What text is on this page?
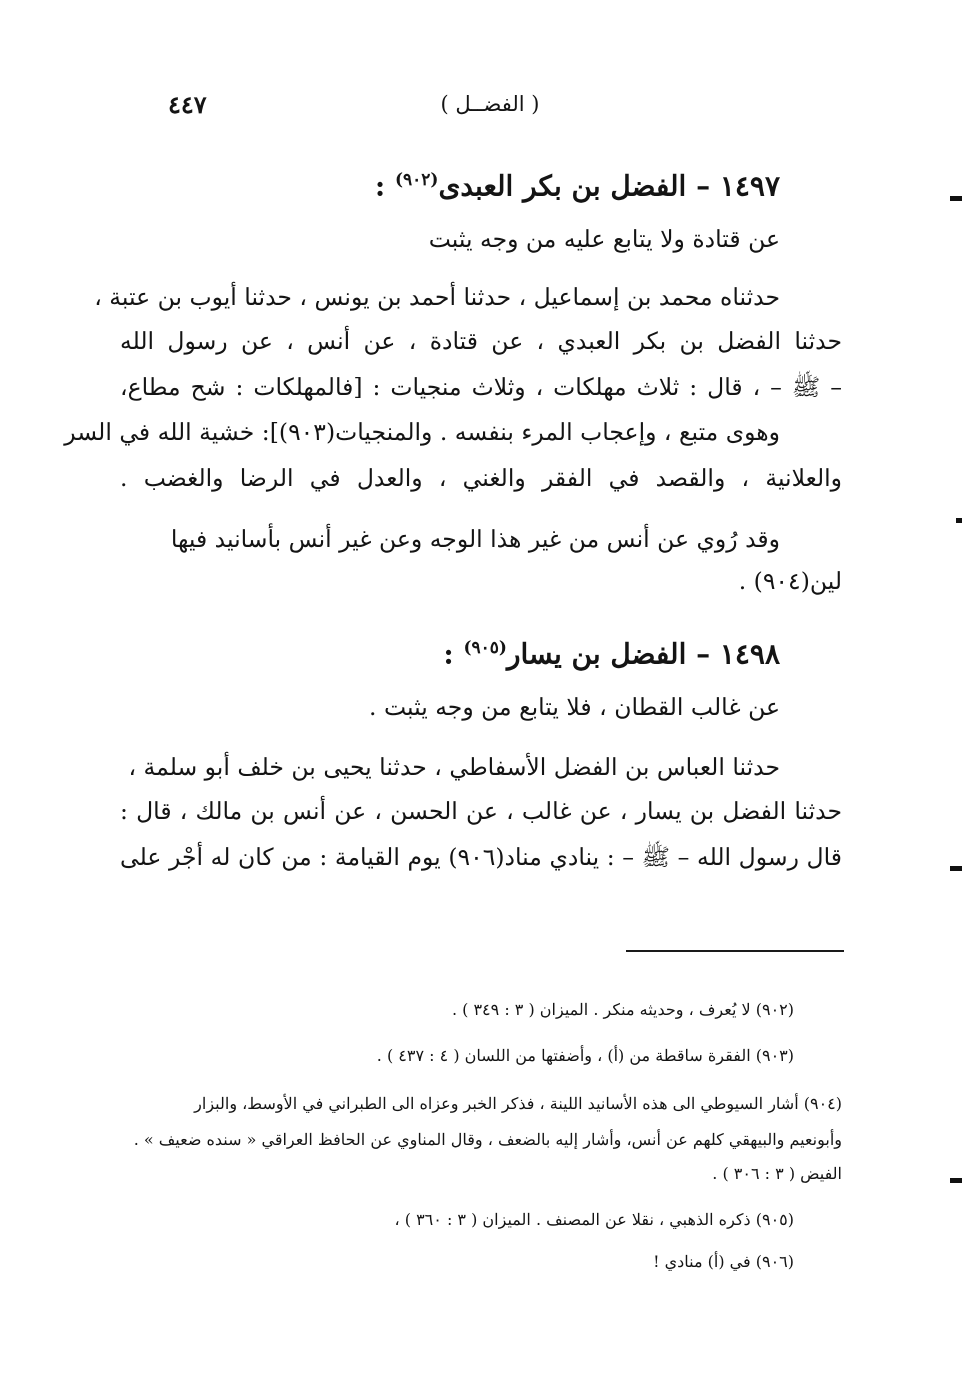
( الفضــل )
٤٤٧
١٤٩٧ – الفضل بن بكر العبدى$^{(٩٠٢)}$ :
عن قتادة ولا يتابع عليه من وجه يثبت
حدثناه محمد بن إسماعيل ، حدثنا أحمد بن يونس ، حدثنا أيوب بن عتبة ،
حدثنا الفضل بن بكر العبدي ، عن قتادة ، عن أنس ، عن رسول الله
– ﷺ – ، قال : ثلاث مهلكات ، وثلاث منجيات : [فالمهلكات : شح مطاع،
وهوى متبع ، وإعجاب المرء بنفسه . والمنجيات(٩٠٣)]: خشية الله في السر
والعلانية ، والقصد في الفقر والغني ، والعدل في الرضا والغضب .
وقد رُوي عن أنس من غير هذا الوجه وعن غير أنس بأسانيد فيها
لين(٩٠٤) .
١٤٩٨ – الفضل بن يسار$^{(٩٠٥)}$ :
عن غالب القطان ، فلا يتابع من وجه يثبت .
حدثنا العباس بن الفضل الأسفاطي ، حدثنا يحيى بن خلف أبو سلمة ،
حدثنا الفضل بن يسار ، عن غالب ، عن الحسن ، عن أنس بن مالك ، قال :
قال رسول الله – ﷺ – : ينادي مناد(٩٠٦) يوم القيامة : من كان له أجْر على
(٩٠٢) لا يُعرف ، وحديثه منكر . الميزان ( ٣ : ٣٤٩ ) .
(٩٠٣) الفقرة ساقطة من (أ) ، وأضفتها من اللسان ( ٤ : ٤٣٧ ) .
(٩٠٤) أشار السيوطي الى هذه الأسانيد اللينة ، فذكر الخبر وعزاه الى الطبراني في الأوسط، والبزار
وأبونعيم والبيهقي كلهم عن أنس، وأشار إليه بالضعف ، وقال المناوي عن الحافظ العراقي « سنده ضعيف » .
الفيض ( ٣ : ٣٠٦ ) .
(٩٠٥) ذكره الذهبي ، نقلا عن المصنف . الميزان ( ٣ : ٣٦٠ ) ،
(٩٠٦) في (أ) منادي !
